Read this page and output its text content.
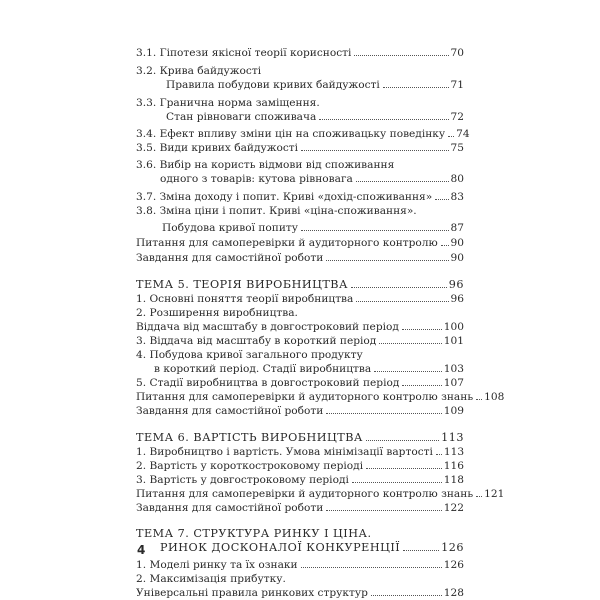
3.1. Гіпотези якісної теорії корисності	70
3.2. Крива байдужості
Правила побудови кривих байдужості	71
3.3. Гранична норма заміщення.
Стан рівноваги споживача	72
3.4. Ефект впливу зміни цін на споживацьку поведінку 74
3.5. Види кривих байдужості	75
3.6. Вибір на користь відмови від споживання
одного з товарів: кутова рівновага	80
3.7. Зміна доходу і попит. Криві «дохід-споживання» 83
3.8. Зміна ціни і попит. Криві «ціна-споживання».
Побудова кривої попиту	87
Питання для самоперевірки й аудиторного контролю 90
Завдання для самостійної роботи	90
ТЕМА 5. ТЕОРІЯ ВИРОБНИЦТВА	96
1. Основні поняття теорії виробництва	96
2. Розширення виробництва.
Віддача від масштабу в довгостроковий період	100
3. Віддача від масштабу в короткий період	101
4. Побудова кривої загального продукту
в короткий період. Стадії виробництва	103
5. Стадії виробництва в довгостроковий період	107
Питання для самоперевірки й аудиторного контролю знань 108
Завдання для самостійної роботи	109
ТЕМА 6. ВАРТІСТЬ ВИРОБНИЦТВА	113
1. Виробництво і вартість. Умова мінімізації вартості 113
2. Вартість у короткостроковому періоді	116
3. Вартість у довгостроковому періоді	118
Питання для самоперевірки й аудиторного контролю знань 121
Завдання для самостійної роботи	122
ТЕМА 7. СТРУКТУРА РИНКУ І ЦІНА.
РИНОК ДОСКОНАЛОЇ КОНКУРЕНЦІЇ	126
1. Моделі ринку та їх ознаки	126
2. Максимізація прибутку.
Універсальні правила ринкових структур	128
4
